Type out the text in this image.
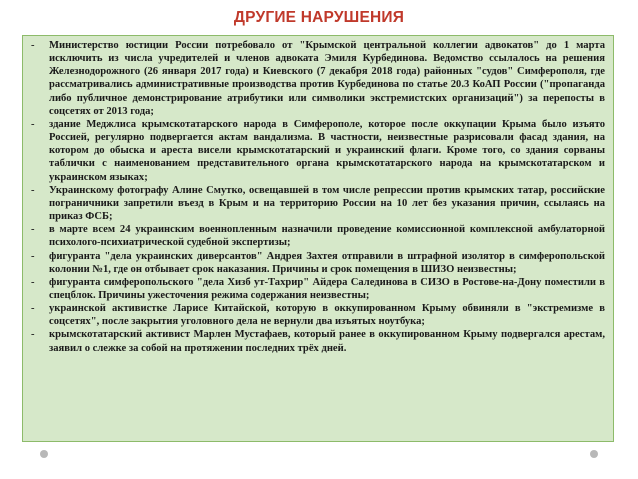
ДРУГИЕ НАРУШЕНИЯ
- Министерство юстиции России потребовало от "Крымской центральной коллегии адвокатов" до 1 марта исключить из числа учредителей и членов адвоката Эмиля Курбединова. Ведомство ссылалось на решения Железнодорожного (26 января 2017 года) и Киевского (7 декабря 2018 года) районных "судов" Симферополя, где рассматривались административные производства против Курбединова по статье 20.3 КоАП России ("пропаганда либо публичное демонстрирование атрибутики или символики экстремистских организаций") за перепосты в соцсетях от 2013 года;
- здание Меджлиса крымскотатарского народа в Симферополе, которое после оккупации Крыма было изъято Россией, регулярно подвергается актам вандализма. В частности, неизвестные разрисовали фасад здания, на котором до обыска и ареста висели крымскотатарский и украинский флаги. Кроме того, со здания сорваны таблички с наименованием представительного органа крымскотатарского народа на крымскотатарском и украинском языках;
- Украинскому фотографу Алине Смутко, освещавшей в том числе репрессии против крымских татар, российские пограничники запретили въезд в Крым и на территорию России на 10 лет без указания причин, ссылаясь на приказ ФСБ;
- в марте всем 24 украинским военнопленным назначили проведение комиссионной комплексной амбулаторной психолого-психиатрической судебной экспертизы;
- фигуранта "дела украинских диверсантов" Андрея Захтея отправили в штрафной изолятор в симферопольской колонии №1, где он отбывает срок наказания. Причины и срок помещения в ШИЗО неизвестны;
- фигуранта симферопольского "дела Хизб ут-Тахрир" Айдера Салединова в СИЗО в Ростове-на-Дону поместили в спецблок. Причины ужесточения режима содержания неизвестны;
- украинской активистке Ларисе Китайской, которую в оккупированном Крыму обвиняли в "экстремизме в соцсетях", после закрытия уголовного дела не вернули два изъятых ноутбука;
- крымскотатарский активист Марлен Мустафаев, который ранее в оккупированном Крыму подвергался арестам, заявил о слежке за собой на протяжении последних трёх дней.
